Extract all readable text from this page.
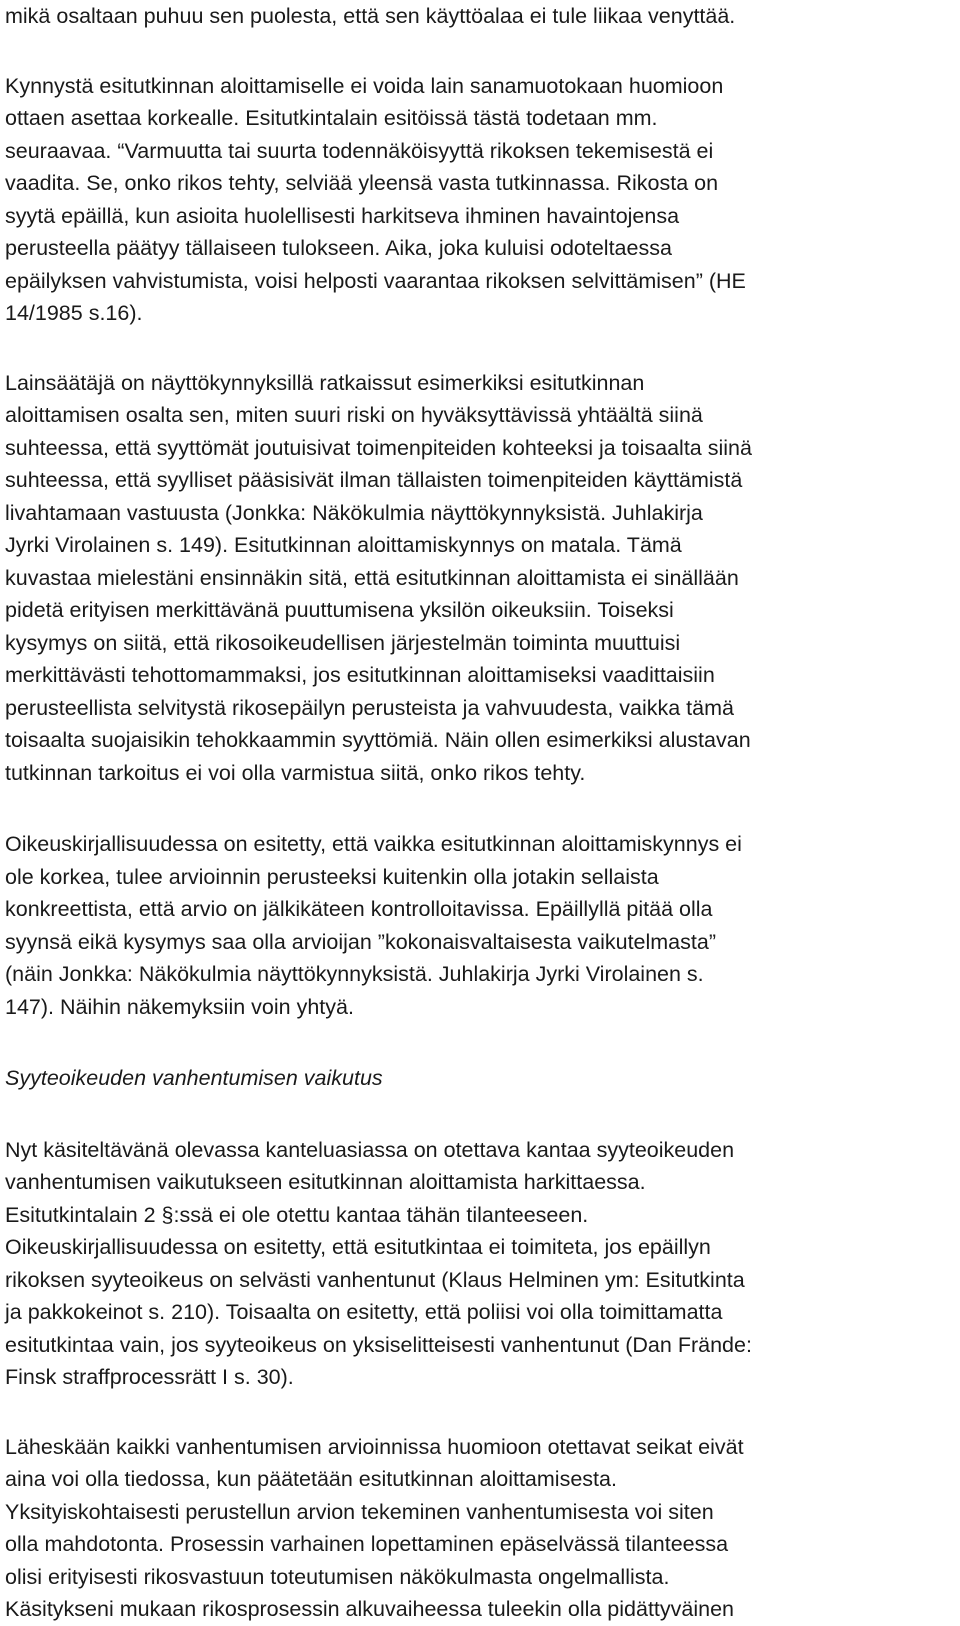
mikä osaltaan puhuu sen puolesta, että sen käyttöalaa ei tule liikaa venyttää.
Kynnystä esitutkinnan aloittamiselle ei voida lain sanamuotokaan huomioon
ottaen asettaa korkealle. Esitutkintalain esitöissä tästä todetaan mm.
seuraavaa. “Varmuutta tai suurta todennäköisyyttä rikoksen tekemisestä ei
vaadita. Se, onko rikos tehty, selviää yleensä vasta tutkinnassa. Rikosta on
syytä epäillä, kun asioita huolellisesti harkitseva ihminen havaintojensa
perusteella päätyy tällaiseen tulokseen. Aika, joka kuluisi odoteltaessa
epäilyksen vahvistumista, voisi helposti vaarantaa rikoksen selvittämisen” (HE
14/1985 s.16).
Lainsäätäjä on näyttökynnyksillä ratkaissut esimerkiksi esitutkinnan
aloittamisen osalta sen, miten suuri riski on hyväksyttävissä yhtäältä siinä
suhteessa, että syyttömät joutuisivat toimenpiteiden kohteeksi ja toisaalta siinä
suhteessa, että syylliset pääsisivät ilman tällaisten toimenpiteiden käyttämistä
livahtamaan vastuusta (Jonkka: Näkökulmia näyttökynnyksistä. Juhlakirja
Jyrki Virolainen s. 149). Esitutkinnan aloittamiskynnys on matala. Tämä
kuvastaa mielestäni ensinnäkin sitä, että esitutkinnan aloittamista ei sinällään
pidetä erityisen merkittävänä puuttumisena yksilön oikeuksiin. Toiseksi
kysymys on siitä, että rikosoikeudellisen järjestelmän toiminta muuttuisi
merkittävästi tehottomammaksi, jos esitutkinnan aloittamiseksi vaadittaisiin
perusteellista selvitystä rikosepäilyn perusteista ja vahvuudesta, vaikka tämä
toisaalta suojaisikin tehokkaammin syyttömiä. Näin ollen esimerkiksi alustavan
tutkinnan tarkoitus ei voi olla varmistua siitä, onko rikos tehty.
Oikeuskirjallisuudessa on esitetty, että vaikka esitutkinnan aloittamiskynnys ei
ole korkea, tulee arvioinnin perusteeksi kuitenkin olla jotakin sellaista
konkreettista, että arvio on jälkikäteen kontrolloitavissa. Epäillyllä pitää olla
syynsä eikä kysymys saa olla arvioijan ”kokonaisvaltaisesta vaikutelmasta”
(näin Jonkka: Näkökulmia näyttökynnyksistä. Juhlakirja Jyrki Virolainen s.
147). Näihin näkemyksiin voin yhtyä.
Syyteoikeuden vanhentumisen vaikutus
Nyt käsiteltävänä olevassa kanteluasiassa on otettava kantaa syyteoikeuden
vanhentumisen vaikutukseen esitutkinnan aloittamista harkittaessa.
Esitutkintalain 2 §:ssä ei ole otettu kantaa tähän tilanteeseen.
Oikeuskirjallisuudessa on esitetty, että esitutkintaa ei toimiteta, jos epäillyn
rikoksen syyteoikeus on selvästi vanhentunut (Klaus Helminen ym: Esitutkinta
ja pakkokeinot s. 210). Toisaalta on esitetty, että poliisi voi olla toimittamatta
esitutkintaa vain, jos syyteoikeus on yksiselitteisesti vanhentunut (Dan Frände:
Finsk straffprocessrätt I s. 30).
Läheskään kaikki vanhentumisen arvioinnissa huomioon otettavat seikat eivät
aina voi olla tiedossa, kun päätetään esitutkinnan aloittamisesta.
Yksityiskohtaisesti perustellun arvion tekeminen vanhentumisesta voi siten
olla mahdotonta. Prosessin varhainen lopettaminen epäselvässä tilanteessa
olisi erityisesti rikosvastuun toteutumisen näkökulmasta ongelmallista.
Käsitykseni mukaan rikosprosessin alkuvaiheessa tuleekin olla pidättyväinen
